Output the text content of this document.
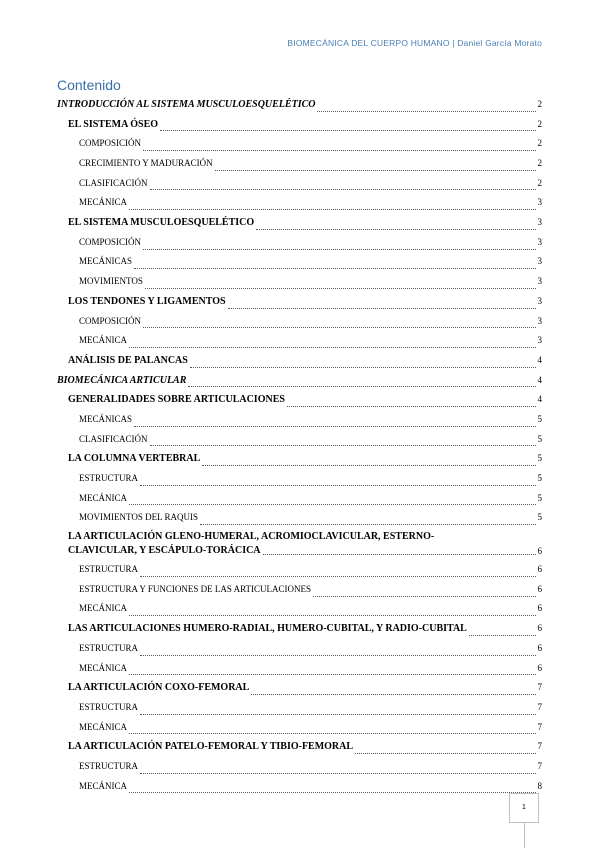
BIOMECÁNICA DEL CUERPO HUMANO | Daniel García Morato
Contenido
INTRODUCCIÓN AL SISTEMA MUSCULOESQUELÉTICO	2
EL SISTEMA ÓSEO	2
COMPOSICIÓN	2
CRECIMIENTO Y MADURACIÓN	2
CLASIFICACIÓN	2
MECÁNICA	3
EL SISTEMA MUSCULOESQUELÉTICO	3
COMPOSICIÓN	3
MECÁNICAS	3
MOVIMIENTOS	3
LOS TENDONES Y LIGAMENTOS	3
COMPOSICIÓN	3
MECÁNICA	3
ANÁLISIS DE PALANCAS	4
BIOMECÁNICA ARTICULAR	4
GENERALIDADES SOBRE ARTICULACIONES	4
MECÁNICAS	5
CLASIFICACIÓN	5
LA COLUMNA VERTEBRAL	5
ESTRUCTURA	5
MECÁNICA	5
MOVIMIENTOS DEL RAQUIS	5
LA ARTICULACIÓN GLENO-HUMERAL, ACROMIOCLAVICULAR, ESTERNO-
CLAVICULAR, Y ESCÁPULO-TORÁCICA	6
ESTRUCTURA	6
ESTRUCTURA Y FUNCIONES DE LAS ARTICULACIONES	6
MECÁNICA	6
LAS ARTICULACIONES HUMERO-RADIAL, HUMERO-CUBITAL, Y RADIO-CUBITAL	6
ESTRUCTURA	6
MECÁNICA	6
LA ARTICULACIÓN COXO-FEMORAL	7
ESTRUCTURA	7
MECÁNICA	7
LA ARTICULACIÓN PATELO-FEMORAL Y TIBIO-FEMORAL	7
ESTRUCTURA	7
MECÁNICA	8
1
